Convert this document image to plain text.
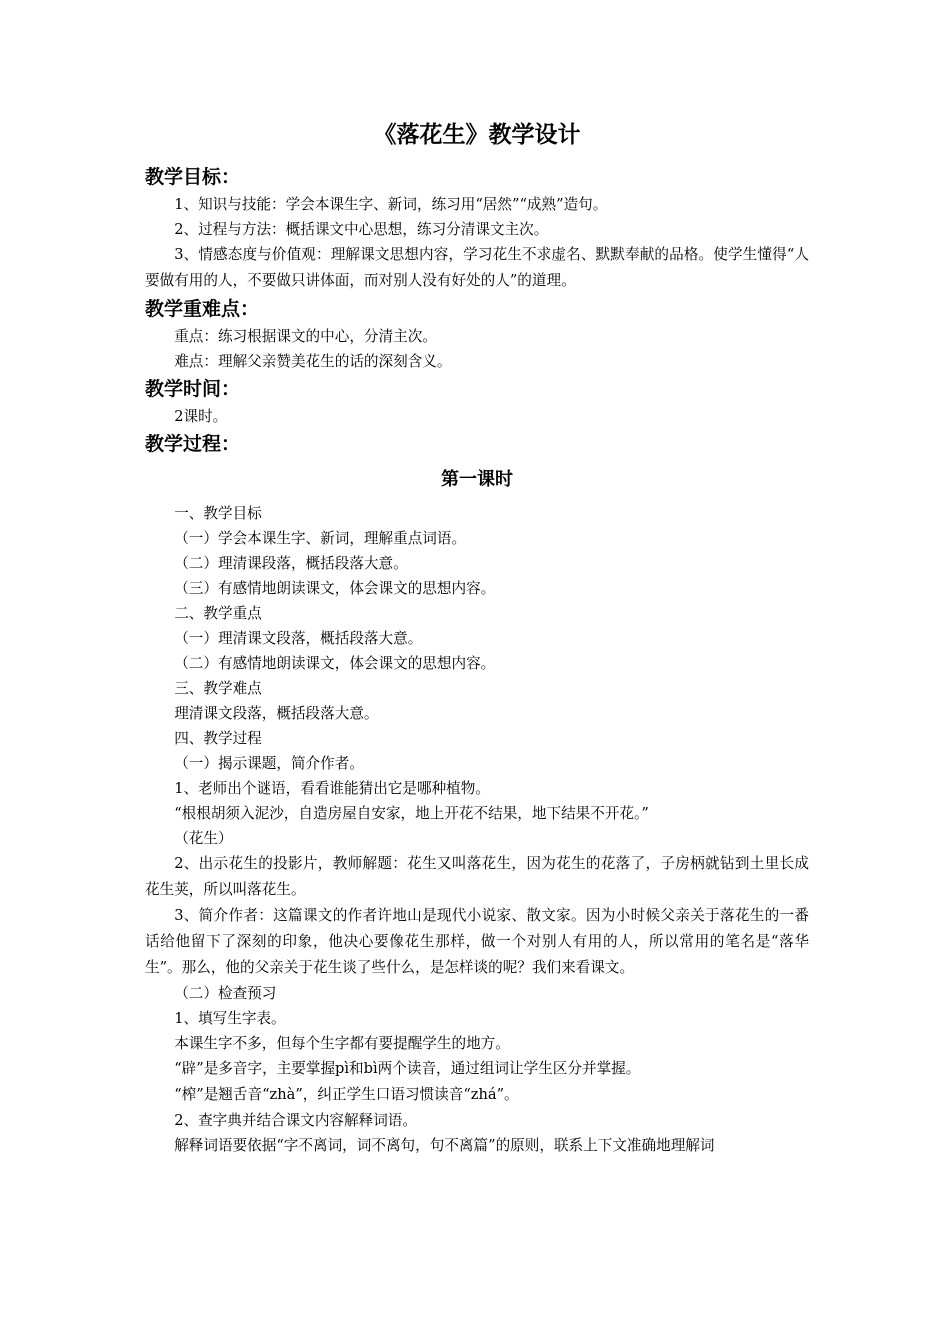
《落花生》教学设计
教学目标：
1、知识与技能：学会本课生字、新词，练习用“居然”“成熟”造句。
2、过程与方法：概括课文中心思想，练习分清课文主次。
3、情感态度与价值观：理解课文思想内容，学习花生不求虚名、默默奉献的品格。使学生懂得“人要做有用的人，不要做只讲体面，而对别人没有好处的人”的道理。
教学重难点：
重点：练习根据课文的中心，分清主次。
难点：理解父亲赞美花生的话的深刻含义。
教学时间：
2课时。
教学过程：
第一课时
一、教学目标
（一）学会本课生字、新词，理解重点词语。
（二）理清课段落，概括段落大意。
（三）有感情地朗读课文，体会课文的思想内容。
二、教学重点
（一）理清课文段落，概括段落大意。
（二）有感情地朗读课文，体会课文的思想内容。
三、教学难点
理清课文段落，概括段落大意。
四、教学过程
（一）揭示课题，简介作者。
1、老师出个谜语，看看谁能猜出它是哪种植物。
“根根胡须入泥沙，自造房屋自安家，地上开花不结果，地下结果不开花。”
（花生）
2、出示花生的投影片，教师解题：花生又叫落花生，因为花生的花落了，子房柄就钻到土里长成花生荚，所以叫落花生。
3、简介作者：这篇课文的作者许地山是现代小说家、散文家。因为小时候父亲关于落花生的一番话给他留下了深刻的印象，他决心要像花生那样，做一个对别人有用的人，所以常用的笔名是“落华生”。那么，他的父亲关于花生谈了些什么，是怎样谈的呢？我们来看课文。
（二）检查预习
1、填写生字表。
本课生字不多，但每个生字都有要提醒学生的地方。
“辟”是多音字，主要掌握pì和bì两个读音，通过组词让学生区分并掌握。
“榨”是翘舌音“zhà”，纠正学生口语习惯读音“zhá”。
2、查字典并结合课文内容解释词语。
解释词语要依据“字不离词，词不离句，句不离篇”的原则，联系上下文准确地理解词
